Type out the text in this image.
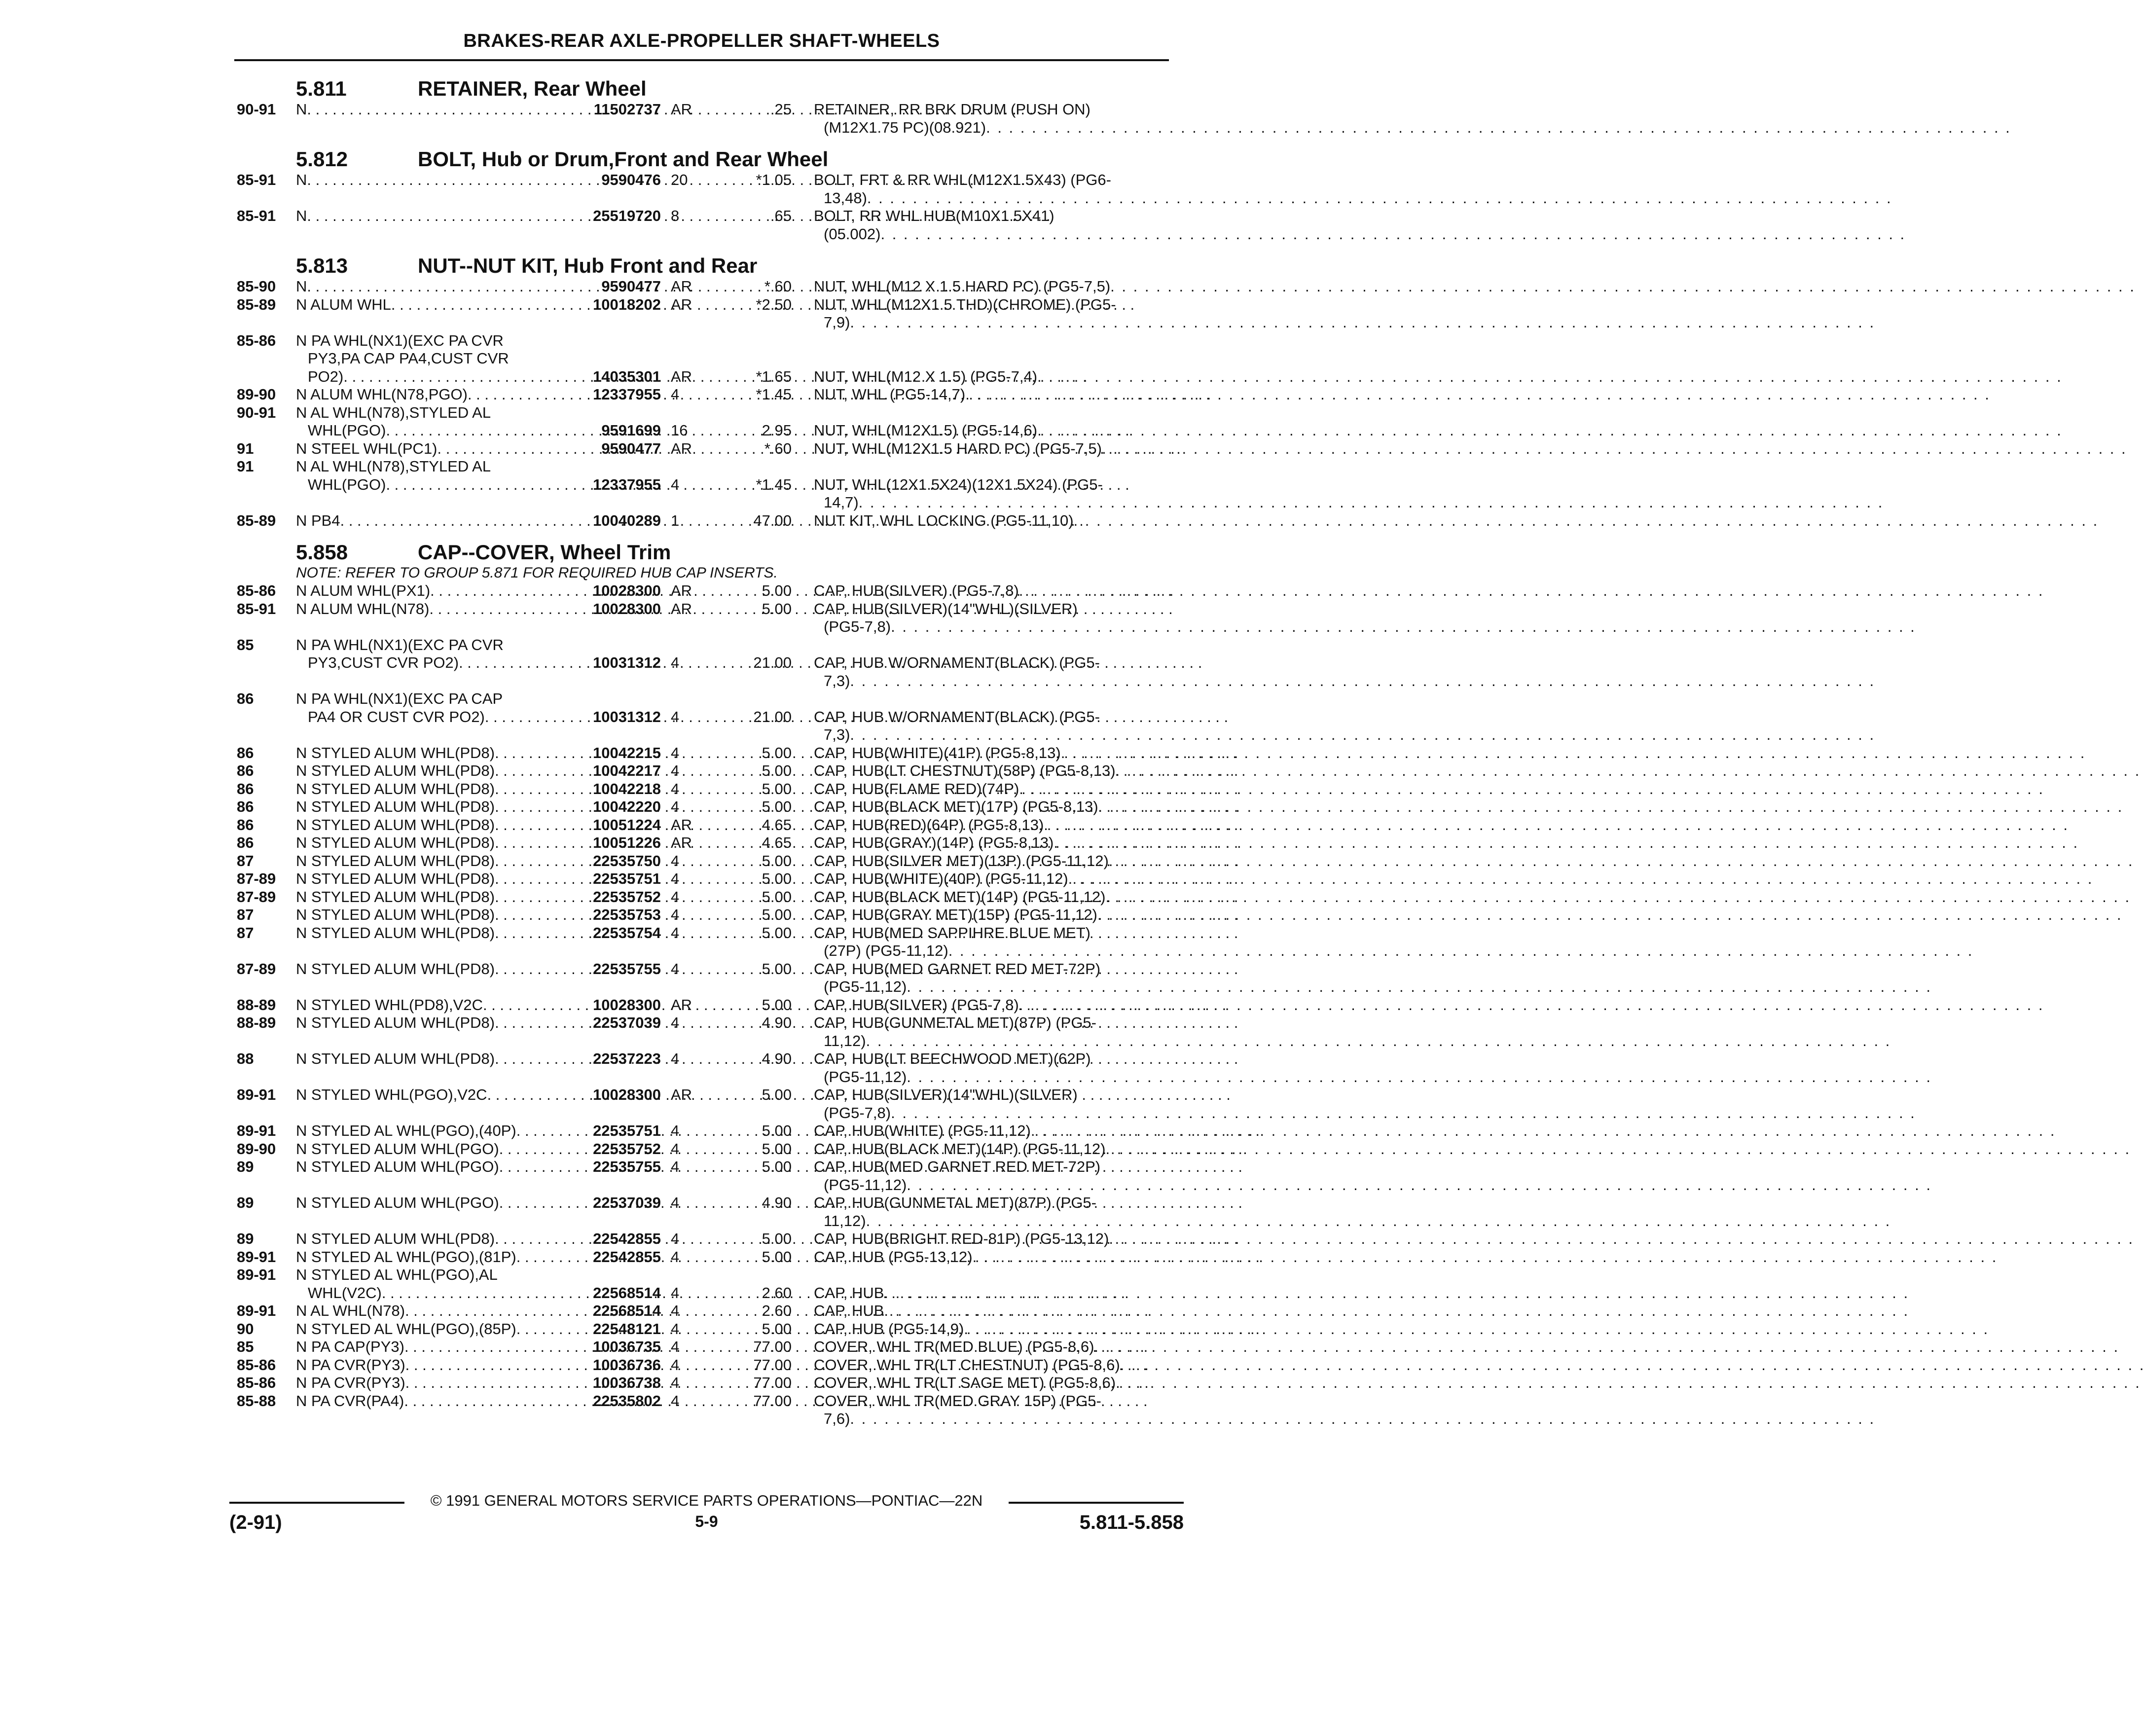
BRAKES-REAR AXLE-PROPELLER SHAFT-WHEELS
5.811	RETAINER, Rear Wheel
90-91	N . . .	11502737 AR	.25 RETAINER, RR BRK DRUM (PUSH ON)
(M12X1.75 PC)(08.921) . . . . . . . . . . . . . . . . . . . . . . . . . . . . . . . . . . . . . . . . . . . . . . . . . . . . . . . . . . . . . . . . . . . . . . . . . . . . . . . . . . . . . . . . . .
5.812	BOLT, Hub or Drum,Front and Rear Wheel
85-91	N . . .	9590476 20	*1.05 BOLT, FRT & RR WHL(M12X1.5X43) (PG6-
13,48) . . . . . . . . . . . . . . . . . . . . . . . . . . . . . . . . . . . . . . . . . . . . . . . . . . . . . . . . . . . . . . . . . . . . . . . . . . . . . . . . . . . . . . . . . .
85-91	N . . .	25519720 8	.65 BOLT, RR WHL HUB(M10X1.5X41)
(05.002) . . . . . . . . . . . . . . . . . . . . . . . . . . . . . . . . . . . . . . . . . . . . . . . . . . . . . . . . . . . . . . . . . . . . . . . . . . . . . . . . . . . . . . . . . .
5.813	NUT--NUT KIT, Hub Front and Rear
85-90	N . . .	9590477 AR	*.60 NUT, WHL(M12 X 1.5 HARD PC) (PG5-7,5) . . . . . . . . . . . . . . . . . . . . . . . . . . . . . . . . . . . . . . . . . . . . . . . . . . . . . . . . . . . . . . . . . . . . . . . . . . . . . . . . . . . . . . . . . .
85-89	N ALUM WHL . . .	10018202 AR	*2.50 NUT, WHL(M12X1.5 THD)(CHROME) (PG5-
7,9) . . . . . . . . . . . . . . . . . . . . . . . . . . . . . . . . . . . . . . . . . . . . . . . . . . . . . . . . . . . . . . . . . . . . . . . . . . . . . . . . . . . . . . . . . .
85-86	N PA WHL(NX1)(EXC PA CVR
PY3,PA CAP PA4,CUST CVR
PO2) . . .	14035301 AR	*1.65 NUT, WHL(M12 X 1.5) (PG5-7,4) . . . . . . . . . . . . . . . . . . . . . . . . . . . . . . . . . . . . . . . . . . . . . . . . . . . . . . . . . . . . . . . . . . . . . . . . . . . . . . . . . . . . . . . . . .
89-90	N ALUM WHL(N78,PGO) . . .	12337955 4	*1.45 NUT, WHL (PG5-14,7) . . . . . . . . . . . . . . . . . . . . . . . . . . . . . . . . . . . . . . . . . . . . . . . . . . . . . . . . . . . . . . . . . . . . . . . . . . . . . . . . . . . . . . . . . .
90-91	N AL WHL(N78),STYLED AL
WHL(PGO) . . .	9591699 16	2.95 NUT, WHL(M12X1.5) (PG5-14,6) . . . . . . . . . . . . . . . . . . . . . . . . . . . . . . . . . . . . . . . . . . . . . . . . . . . . . . . . . . . . . . . . . . . . . . . . . . . . . . . . . . . . . . . . . .
91	N STEEL WHL(PC1) . . .	9590477 AR	*.60 NUT, WHL(M12X1.5 HARD PC) (PG5-7,5) . . . . . . . . . . . . . . . . . . . . . . . . . . . . . . . . . . . . . . . . . . . . . . . . . . . . . . . . . . . . . . . . . . . . . . . . . . . . . . . . . . . . . . . . . .
91	N AL WHL(N78),STYLED AL
WHL(PGO) . . .	12337955 4	*1.45 NUT, WHL(12X1.5X24)(12X1.5X24) (PG5-
14,7) . . . . . . . . . . . . . . . . . . . . . . . . . . . . . . . . . . . . . . . . . . . . . . . . . . . . . . . . . . . . . . . . . . . . . . . . . . . . . . . . . . . . . . . . . .
85-89	N PB4 . . .	10040289 1	47.00 NUT KIT, WHL LOCKING (PG5-11,10) . . . . . . . . . . . . . . . . . . . . . . . . . . . . . . . . . . . . . . . . . . . . . . . . . . . . . . . . . . . . . . . . . . . . . . . . . . . . . . . . . . . . . . . . . .
5.858	CAP--COVER, Wheel Trim
NOTE: REFER TO GROUP 5.871 FOR REQUIRED HUB CAP INSERTS.
85-86	N ALUM WHL(PX1) . . .	10028300 AR	5.00 CAP, HUB(SILVER) (PG5-7,8) . . . . . . . . . . . . . . . . . . . . . . . . . . . . . . . . . . . . . . . . . . . . . . . . . . . . . . . . . . . . . . . . . . . . . . . . . . . . . . . . . . . . . . . . . .
85-91	N ALUM WHL(N78) . . .	10028300 AR	5.00 CAP, HUB(SILVER)(14"WHL)(SILVER)
(PG5-7,8) . . . . . . . . . . . . . . . . . . . . . . . . . . . . . . . . . . . . . . . . . . . . . . . . . . . . . . . . . . . . . . . . . . . . . . . . . . . . . . . . . . . . . . . . . .
85	N PA WHL(NX1)(EXC PA CVR
PY3,CUST CVR PO2) . . .	10031312 4	21.00 CAP, HUB W/ORNAMENT(BLACK) (PG5-
7,3) . . . . . . . . . . . . . . . . . . . . . . . . . . . . . . . . . . . . . . . . . . . . . . . . . . . . . . . . . . . . . . . . . . . . . . . . . . . . . . . . . . . . . . . . . .
86	N PA WHL(NX1)(EXC PA CAP
PA4 OR CUST CVR PO2) . . .	10031312 4	21.00 CAP, HUB W/ORNAMENT(BLACK) (PG5-
7,3) . . . . . . . . . . . . . . . . . . . . . . . . . . . . . . . . . . . . . . . . . . . . . . . . . . . . . . . . . . . . . . . . . . . . . . . . . . . . . . . . . . . . . . . . . .
86	N STYLED ALUM WHL(PD8) . . .	10042215 4	5.00 CAP, HUB(WHITE)(41P) (PG5-8,13) . . . . . . . . . . . . . . . . . . . . . . . . . . . . . . . . . . . . . . . . . . . . . . . . . . . . . . . . . . . . . . . . . . . . . . . . . . . . . . . . . . . . . . . . . .
86	N STYLED ALUM WHL(PD8) . . .	10042217 4	5.00 CAP, HUB(LT CHESTNUT)(58P) (PG5-8,13) . . . . . . . . . . . . . . . . . . . . . . . . . . . . . . . . . . . . . . . . . . . . . . . . . . . . . . . . . . . . . . . . . . . . . . . . . . . . . . . . . . . . . . . . . .
86	N STYLED ALUM WHL(PD8) . . .	10042218 4	5.00 CAP, HUB(FLAME RED)(74P) . . . . . . . . . . . . . . . . . . . . . . . . . . . . . . . . . . . . . . . . . . . . . . . . . . . . . . . . . . . . . . . . . . . . . . . . . . . . . . . . . . . . . . . . . .
86	N STYLED ALUM WHL(PD8) . . .	10042220 4	5.00 CAP, HUB(BLACK MET)(17P) (PG5-8,13) . . . . . . . . . . . . . . . . . . . . . . . . . . . . . . . . . . . . . . . . . . . . . . . . . . . . . . . . . . . . . . . . . . . . . . . . . . . . . . . . . . . . . . . . . .
86	N STYLED ALUM WHL(PD8) . . .	10051224 AR	4.65 CAP, HUB(RED)(64P) (PG5-8,13) . . . . . . . . . . . . . . . . . . . . . . . . . . . . . . . . . . . . . . . . . . . . . . . . . . . . . . . . . . . . . . . . . . . . . . . . . . . . . . . . . . . . . . . . . .
86	N STYLED ALUM WHL(PD8) . . .	10051226 AR	4.65 CAP, HUB(GRAY)(14P) (PG5-8,13) . . . . . . . . . . . . . . . . . . . . . . . . . . . . . . . . . . . . . . . . . . . . . . . . . . . . . . . . . . . . . . . . . . . . . . . . . . . . . . . . . . . . . . . . . .
87	N STYLED ALUM WHL(PD8) . . .	22535750 4	5.00 CAP, HUB(SILVER MET)(13P) (PG5-11,12) . . . . . . . . . . . . . . . . . . . . . . . . . . . . . . . . . . . . . . . . . . . . . . . . . . . . . . . . . . . . . . . . . . . . . . . . . . . . . . . . . . . . . . . . . .
87-89	N STYLED ALUM WHL(PD8) . . .	22535751 4	5.00 CAP, HUB(WHITE)(40P) (PG5-11,12) . . . . . . . . . . . . . . . . . . . . . . . . . . . . . . . . . . . . . . . . . . . . . . . . . . . . . . . . . . . . . . . . . . . . . . . . . . . . . . . . . . . . . . . . . .
87-89	N STYLED ALUM WHL(PD8) . . .	22535752 4	5.00 CAP, HUB(BLACK MET)(14P) (PG5-11,12) . . . . . . . . . . . . . . . . . . . . . . . . . . . . . . . . . . . . . . . . . . . . . . . . . . . . . . . . . . . . . . . . . . . . . . . . . . . . . . . . . . . . . . . . . .
87	N STYLED ALUM WHL(PD8) . . .	22535753 4	5.00 CAP, HUB(GRAY MET)(15P) (PG5-11,12) . . . . . . . . . . . . . . . . . . . . . . . . . . . . . . . . . . . . . . . . . . . . . . . . . . . . . . . . . . . . . . . . . . . . . . . . . . . . . . . . . . . . . . . . . .
87	N STYLED ALUM WHL(PD8) . . .	22535754 4	5.00 CAP, HUB(MED SAPPIHRE BLUE MET)
(27P) (PG5-11,12) . . . . . . . . . . . . . . . . . . . . . . . . . . . . . . . . . . . . . . . . . . . . . . . . . . . . . . . . . . . . . . . . . . . . . . . . . . . . . . . . . . . . . . . . . .
87-89	N STYLED ALUM WHL(PD8) . . .	22535755 4	5.00 CAP, HUB(MED GARNET RED MET-72P)
(PG5-11,12) . . . . . . . . . . . . . . . . . . . . . . . . . . . . . . . . . . . . . . . . . . . . . . . . . . . . . . . . . . . . . . . . . . . . . . . . . . . . . . . . . . . . . . . . . .
88-89	N STYLED WHL(PD8),V2C . . .	10028300 AR	5.00 CAP, HUB(SILVER) (PG5-7,8) . . . . . . . . . . . . . . . . . . . . . . . . . . . . . . . . . . . . . . . . . . . . . . . . . . . . . . . . . . . . . . . . . . . . . . . . . . . . . . . . . . . . . . . . . .
88-89	N STYLED ALUM WHL(PD8) . . .	22537039 4	4.90 CAP, HUB(GUNMETAL MET)(87P) (PG5-
11,12) . . . . . . . . . . . . . . . . . . . . . . . . . . . . . . . . . . . . . . . . . . . . . . . . . . . . . . . . . . . . . . . . . . . . . . . . . . . . . . . . . . . . . . . . . .
88	N STYLED ALUM WHL(PD8) . . .	22537223 4	4.90 CAP, HUB(LT BEECHWOOD MET)(62P)
(PG5-11,12) . . . . . . . . . . . . . . . . . . . . . . . . . . . . . . . . . . . . . . . . . . . . . . . . . . . . . . . . . . . . . . . . . . . . . . . . . . . . . . . . . . . . . . . . . .
89-91	N STYLED WHL(PGO),V2C . . .	10028300 AR	5.00 CAP, HUB(SILVER)(14"WHL)(SILVER)
(PG5-7,8) . . . . . . . . . . . . . . . . . . . . . . . . . . . . . . . . . . . . . . . . . . . . . . . . . . . . . . . . . . . . . . . . . . . . . . . . . . . . . . . . . . . . . . . . . .
89-91	N STYLED AL WHL(PGO),(40P) . . .	22535751 4	5.00 CAP, HUB(WHITE) (PG5-11,12) . . . . . . . . . . . . . . . . . . . . . . . . . . . . . . . . . . . . . . . . . . . . . . . . . . . . . . . . . . . . . . . . . . . . . . . . . . . . . . . . . . . . . . . . . .
89-90	N STYLED ALUM WHL(PGO) . . .	22535752 4	5.00 CAP, HUB(BLACK MET)(14P) (PG5-11,12) . . . . . . . . . . . . . . . . . . . . . . . . . . . . . . . . . . . . . . . . . . . . . . . . . . . . . . . . . . . . . . . . . . . . . . . . . . . . . . . . . . . . . . . . . .
89	N STYLED ALUM WHL(PGO) . . .	22535755 4	5.00 CAP, HUB(MED GARNET RED MET-72P)
(PG5-11,12) . . . . . . . . . . . . . . . . . . . . . . . . . . . . . . . . . . . . . . . . . . . . . . . . . . . . . . . . . . . . . . . . . . . . . . . . . . . . . . . . . . . . . . . . . .
89	N STYLED ALUM WHL(PGO) . . .	22537039 4	4.90 CAP, HUB(GUNMETAL MET)(87P) (PG5-
11,12) . . . . . . . . . . . . . . . . . . . . . . . . . . . . . . . . . . . . . . . . . . . . . . . . . . . . . . . . . . . . . . . . . . . . . . . . . . . . . . . . . . . . . . . . . .
89	N STYLED ALUM WHL(PD8) . . .	22542855 4	5.00 CAP, HUB(BRIGHT RED-81P) (PG5-13,12) . . . . . . . . . . . . . . . . . . . . . . . . . . . . . . . . . . . . . . . . . . . . . . . . . . . . . . . . . . . . . . . . . . . . . . . . . . . . . . . . . . . . . . . . . .
89-91	N STYLED AL WHL(PGO),(81P) . . .	22542855 4	5.00 CAP, HUB (PG5-13,12) . . . . . . . . . . . . . . . . . . . . . . . . . . . . . . . . . . . . . . . . . . . . . . . . . . . . . . . . . . . . . . . . . . . . . . . . . . . . . . . . . . . . . . . . . .
89-91	N STYLED AL WHL(PGO),AL
WHL(V2C) . . .	22568514 4	2.60 CAP, HUB . . . . . . . . . . . . . . . . . . . . . . . . . . . . . . . . . . . . . . . . . . . . . . . . . . . . . . . . . . . . . . . . . . . . . . . . . . . . . . . . . . . . . . . . . .
89-91	N AL WHL(N78) . . .	22568514 4	2.60 CAP, HUB . . . . . . . . . . . . . . . . . . . . . . . . . . . . . . . . . . . . . . . . . . . . . . . . . . . . . . . . . . . . . . . . . . . . . . . . . . . . . . . . . . . . . . . . . .
90	N STYLED AL WHL(PGO),(85P) . . .	22548121 4	5.00 CAP, HUB (PG5-14,9) . . . . . . . . . . . . . . . . . . . . . . . . . . . . . . . . . . . . . . . . . . . . . . . . . . . . . . . . . . . . . . . . . . . . . . . . . . . . . . . . . . . . . . . . . .
85	N PA CAP(PY3) . . .	10036735 4	77.00 COVER, WHL TR(MED BLUE) (PG5-8,6) . . . . . . . . . . . . . . . . . . . . . . . . . . . . . . . . . . . . . . . . . . . . . . . . . . . . . . . . . . . . . . . . . . . . . . . . . . . . . . . . . . . . . . . . . .
85-86	N PA CVR(PY3) . . .	10036736 4	77.00 COVER, WHL TR(LT CHESTNUT) (PG5-8,6) . . . . . . . . . . . . . . . . . . . . . . . . . . . . . . . . . . . . . . . . . . . . . . . . . . . . . . . . . . . . . . . . . . . . . . . . . . . . . . . . . . . . . . . . . .
85-86	N PA CVR(PY3) . . .	10036738 4	77.00 COVER, WHL TR(LT SAGE MET) (PG5-8,6) . . . . . . . . . . . . . . . . . . . . . . . . . . . . . . . . . . . . . . . . . . . . . . . . . . . . . . . . . . . . . . . . . . . . . . . . . . . . . . . . . . . . . . . . . .
85-88	N PA CVR(PA4) . . .	22535802 4	77.00 COVER, WHL TR(MED GRAY 15P) (PG5-
7,6) . . . . . . . . . . . . . . . . . . . . . . . . . . . . . . . . . . . . . . . . . . . . . . . . . . . . . . . . . . . . . . . . . . . . . . . . . . . . . . . . . . . . . . . . . .
© 1991 GENERAL MOTORS SERVICE PARTS OPERATIONS—PONTIAC—22N
(2-91)	5-9	5.811-5.858
